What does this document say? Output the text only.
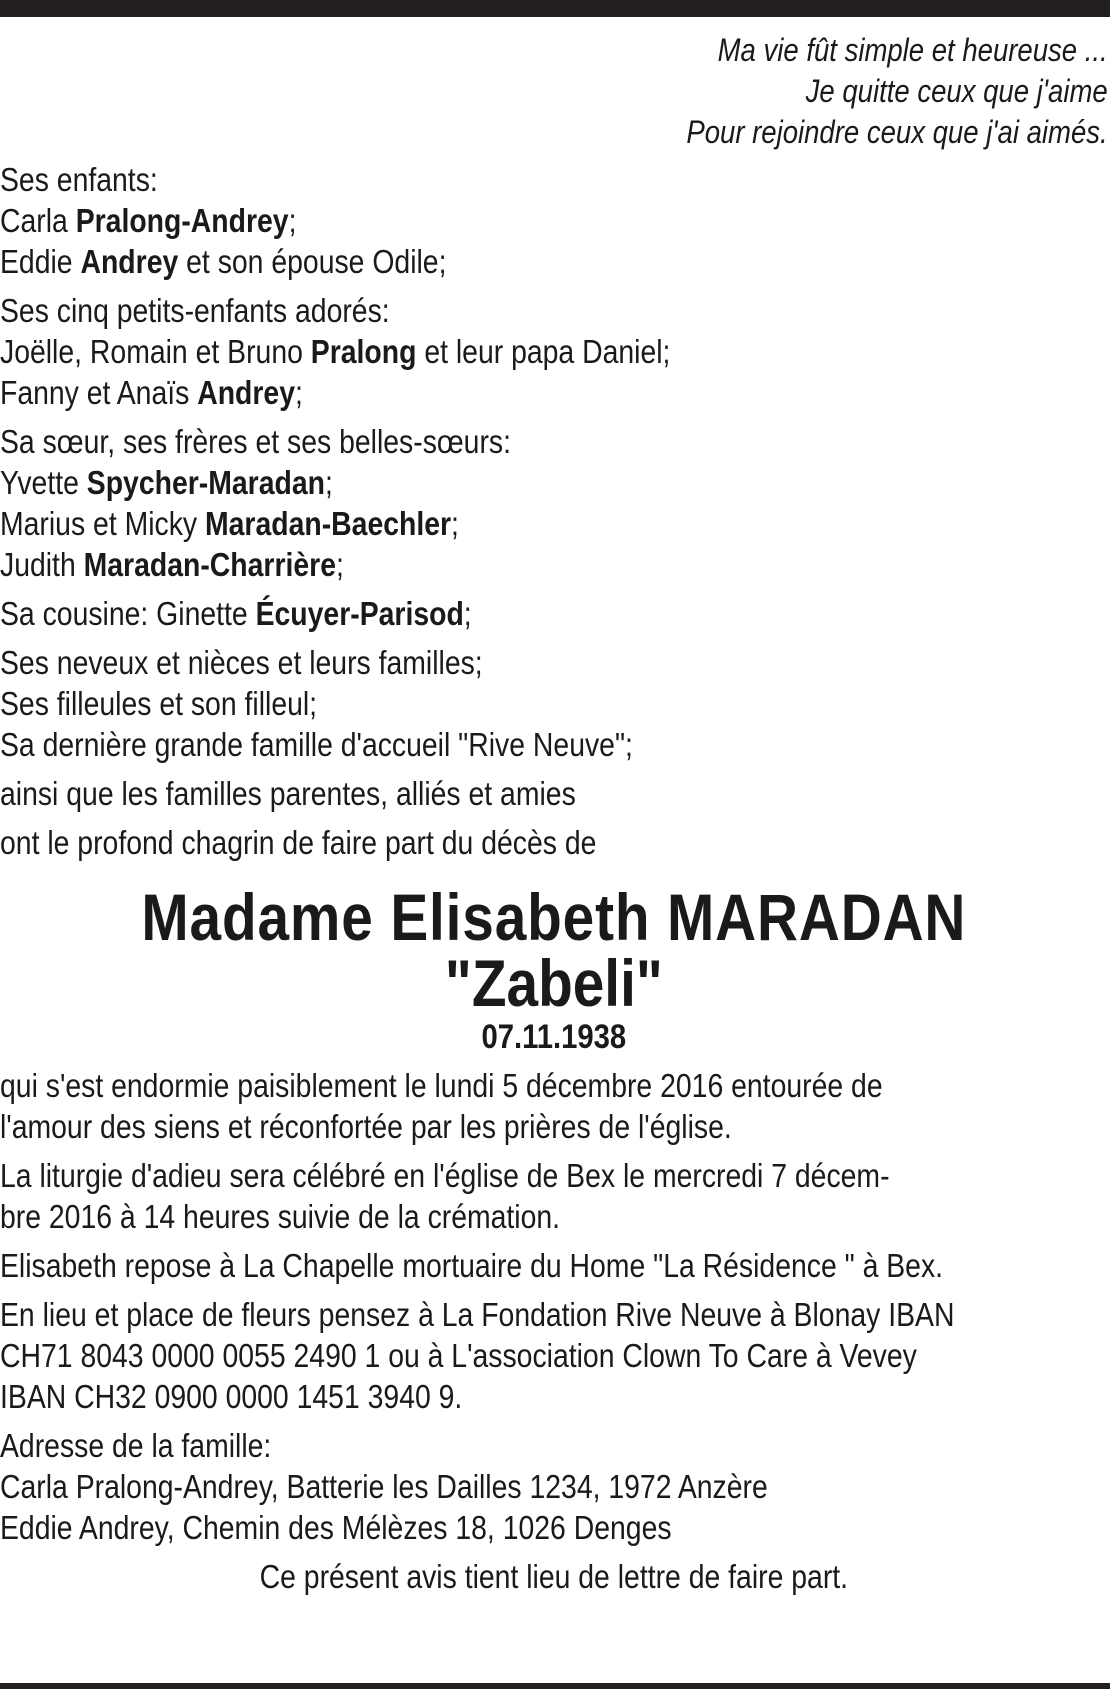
Ma vie fût simple et heureuse ...
Je quitte ceux que j'aime
Pour rejoindre ceux que j'ai aimés.
Ses enfants:
Carla Pralong-Andrey;
Eddie Andrey et son épouse Odile;
Ses cinq petits-enfants adorés:
Joëlle, Romain et Bruno Pralong et leur papa Daniel;
Fanny et Anaïs Andrey;
Sa sœur, ses frères et ses belles-sœurs:
Yvette Spycher-Maradan;
Marius et Micky Maradan-Baechler;
Judith Maradan-Charrière;
Sa cousine: Ginette Écuyer-Parisod;
Ses neveux et nièces et leurs familles;
Ses filleules et son filleul;
Sa dernière grande famille d'accueil "Rive Neuve";
ainsi que les familles parentes, alliés et amies
ont le profond chagrin de faire part du décès de
Madame Elisabeth MARADAN
"Zabeli"
07.11.1938
qui s'est endormie paisiblement le lundi 5 décembre 2016 entourée de
l'amour des siens et réconfortée par les prières de l'église.
La liturgie d'adieu sera célébré en l'église de Bex le mercredi 7 décem-
bre 2016 à 14 heures suivie de la crémation.
Elisabeth repose à La Chapelle mortuaire du Home "La Résidence " à Bex.
En lieu et place de fleurs pensez à La Fondation Rive Neuve à Blonay IBAN
CH71 8043 0000 0055 2490 1 ou à L'association Clown To Care à Vevey
IBAN CH32 0900 0000 1451 3940 9.
Adresse de la famille:
Carla Pralong-Andrey, Batterie les Dailles 1234, 1972 Anzère
Eddie Andrey, Chemin des Mélèzes 18, 1026 Denges
Ce présent avis tient lieu de lettre de faire part.
